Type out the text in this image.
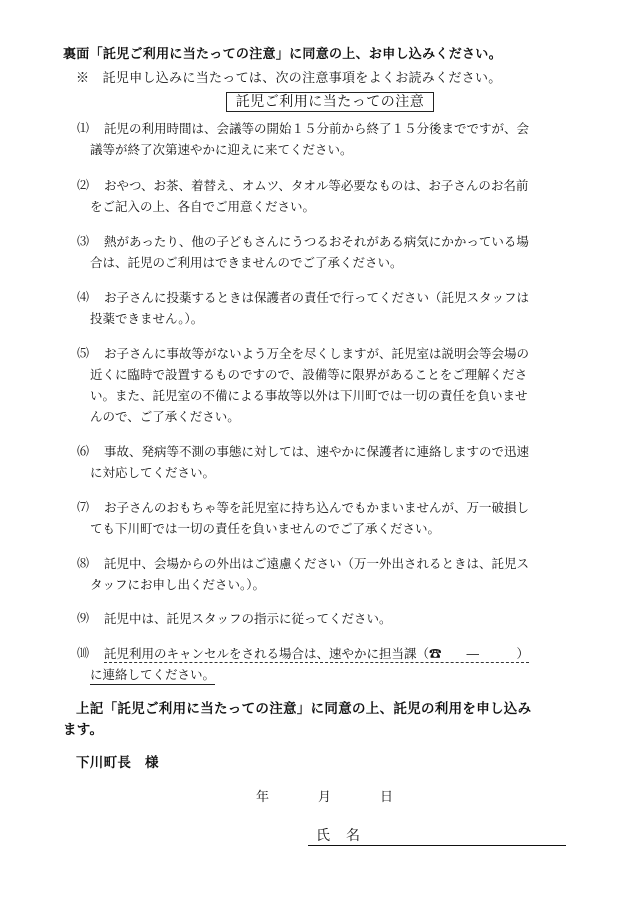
裏面「託児ご利用に当たっての注意」に同意の上、お申し込みください。
※　託児申し込みに当たっては、次の注意事項をよくお読みください。
託児ご利用に当たっての注意
⑴ 託児の利用時間は、会議等の開始１５分前から終了１５分後までですが、会
議等が終了次第速やかに迎えに来てください。
⑵ おやつ、お茶、着替え、オムツ、タオル等必要なものは、お子さんのお名前
をご記入の上、各自でご用意ください。
⑶ 熱があったり、他の子どもさんにうつるおそれがある病気にかかっている場
合は、託児のご利用はできませんのでご了承ください。
⑷ お子さんに投薬するときは保護者の責任で行ってください（託児スタッフは
投薬できません。）。
⑸ お子さんに事故等がないよう万全を尽くしますが、託児室は説明会等会場の
近くに臨時で設置するものですので、設備等に限界があることをご理解くださ
い。また、託児室の不備による事故等以外は下川町では一切の責任を負いませ
んので、ご了承ください。
⑹ 事故、発病等不測の事態に対しては、速やかに保護者に連絡しますので迅速
に対応してください。
⑺ お子さんのおもちゃ等を託児室に持ち込んでもかまいませんが、万一破損し
ても下川町では一切の責任を負いませんのでご了承ください。
⑻ 託児中、会場からの外出はご遠慮ください（万一外出されるときは、託児ス
タッフにお申し出ください。）。
⑼ 託児中は、託児スタッフの指示に従ってください。
⑽ 託児利用のキャンセルをされる場合は、速やかに担当課（☎　　―　　　）
に連絡してください。
上記「託児ご利用に当たっての注意」に同意の上、託児の利用を申し込み
ます。
下川町長　様
年	月	日
氏　名
